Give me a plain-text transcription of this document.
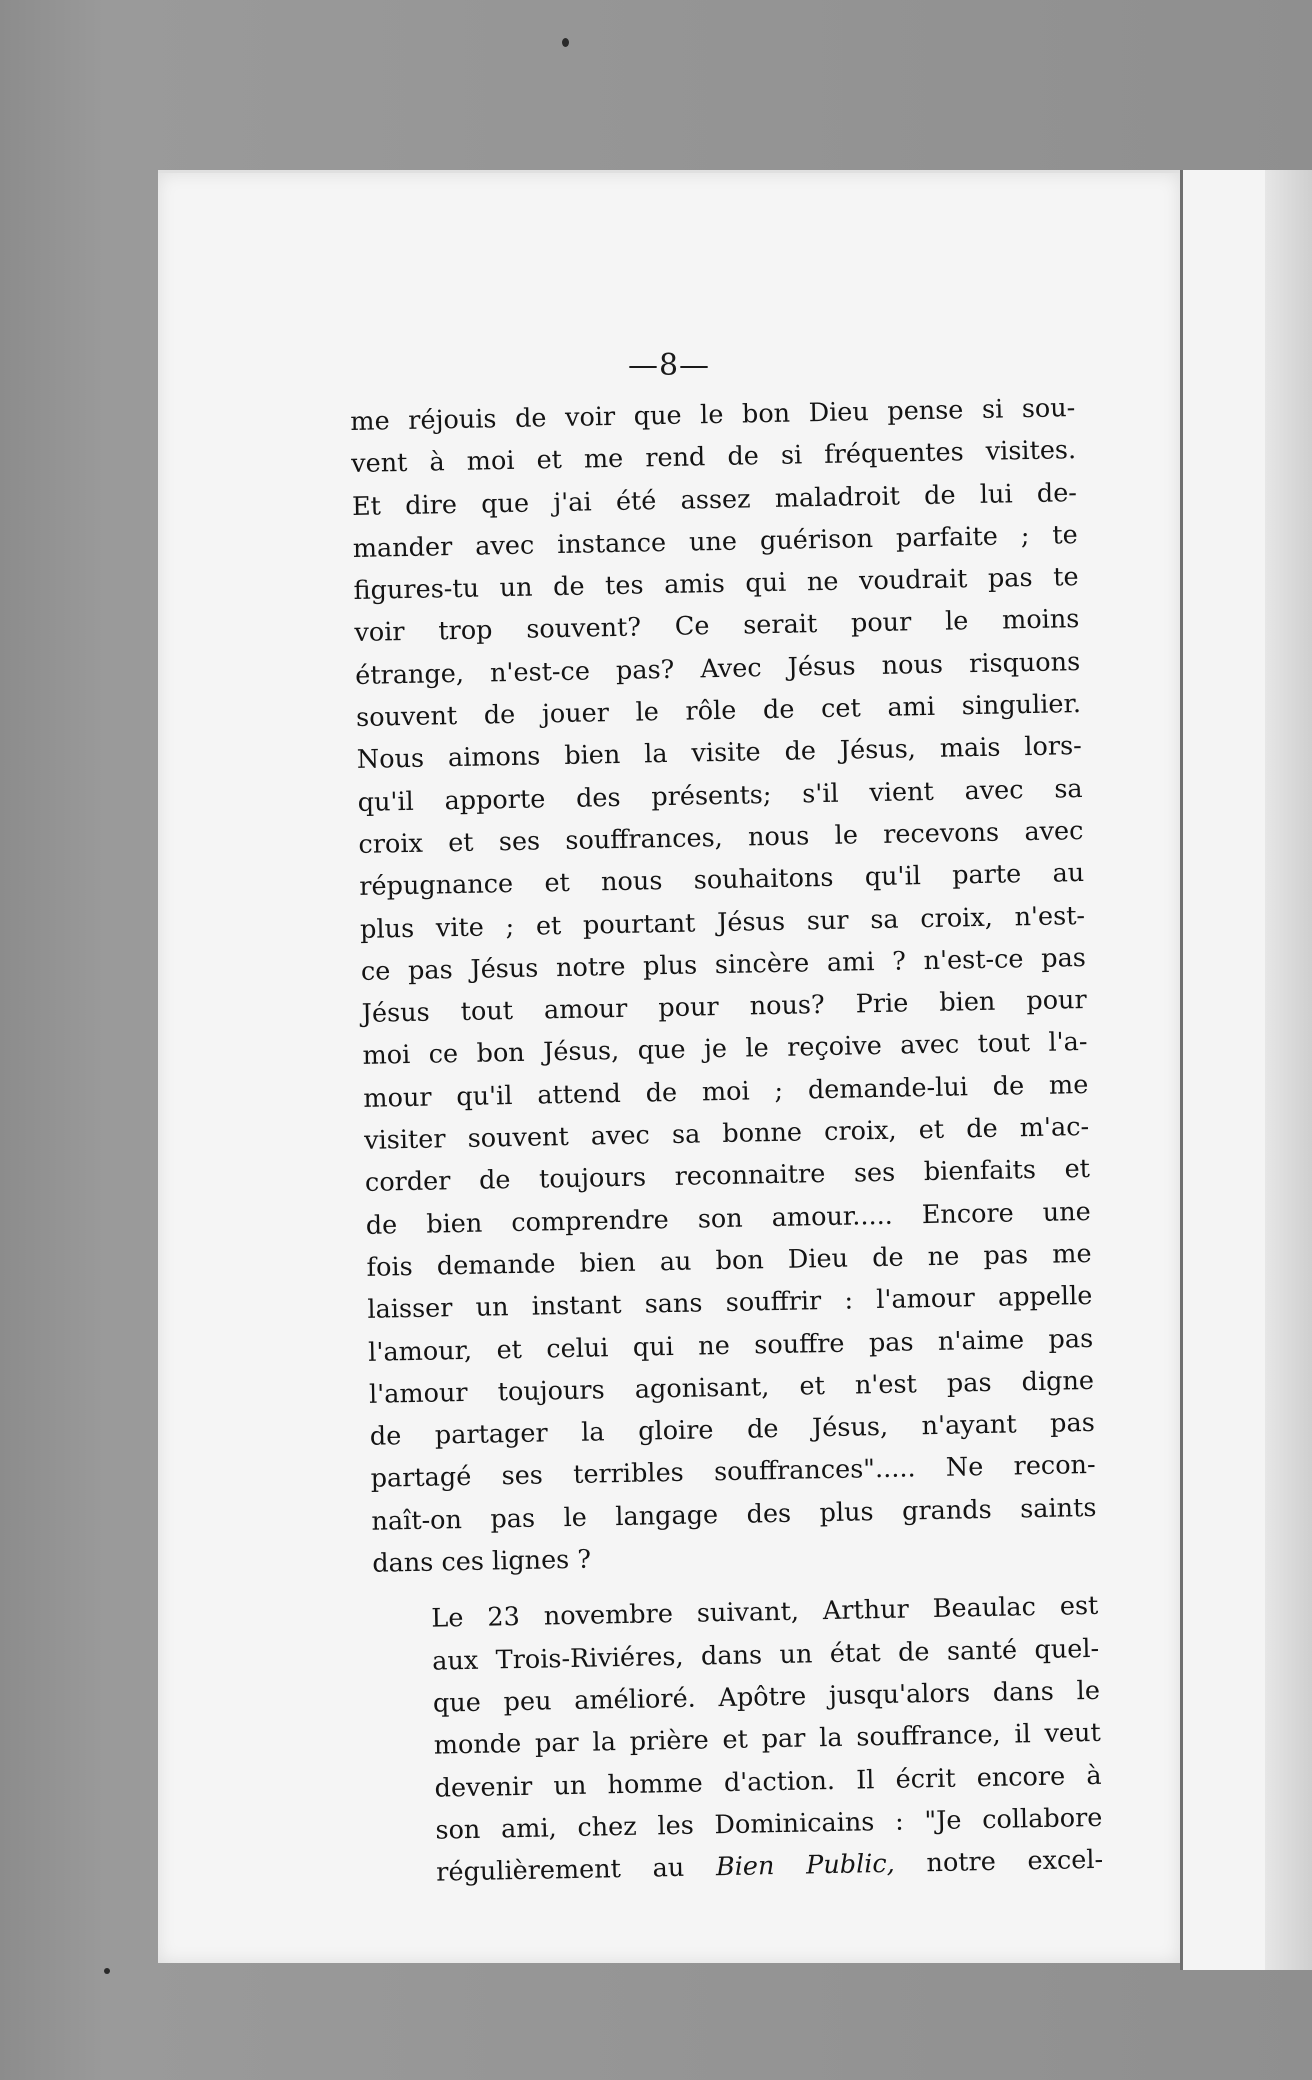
—8—
me réjouis de voir que le bon Dieu pense si sou-
vent à moi et me rend de si fréquentes visites.
Et dire que j'ai été assez maladroit de lui de-
mander avec instance une guérison parfaite ; te
figures-tu un de tes amis qui ne voudrait pas te
voir trop souvent? Ce serait pour le moins
étrange, n'est-ce pas? Avec Jésus nous risquons
souvent de jouer le rôle de cet ami singulier.
Nous aimons bien la visite de Jésus, mais lors-
qu'il apporte des présents; s'il vient avec sa
croix et ses souffrances, nous le recevons avec
répugnance et nous souhaitons qu'il parte au
plus vite ; et pourtant Jésus sur sa croix, n'est-
ce pas Jésus notre plus sincère ami ? n'est-ce pas
Jésus tout amour pour nous? Prie bien pour
moi ce bon Jésus, que je le reçoive avec tout l'a-
mour qu'il attend de moi ; demande-lui de me
visiter souvent avec sa bonne croix, et de m'ac-
corder de toujours reconnaitre ses bienfaits et
de bien comprendre son amour..... Encore une
fois demande bien au bon Dieu de ne pas me
laisser un instant sans souffrir : l'amour appelle
l'amour, et celui qui ne souffre pas n'aime pas
l'amour toujours agonisant, et n'est pas digne
de partager la gloire de Jésus, n'ayant pas
partagé ses terribles souffrances"..... Ne recon-
naît-on pas le langage des plus grands saints
dans ces lignes ?
Le 23 novembre suivant, Arthur Beaulac est
aux Trois-Riviéres, dans un état de santé quel-
que peu amélioré. Apôtre jusqu'alors dans le
monde par la prière et par la souffrance, il veut
devenir un homme d'action. Il écrit encore à
son ami, chez les Dominicains : "Je collabore
régulièrement au Bien Public, notre excel-
